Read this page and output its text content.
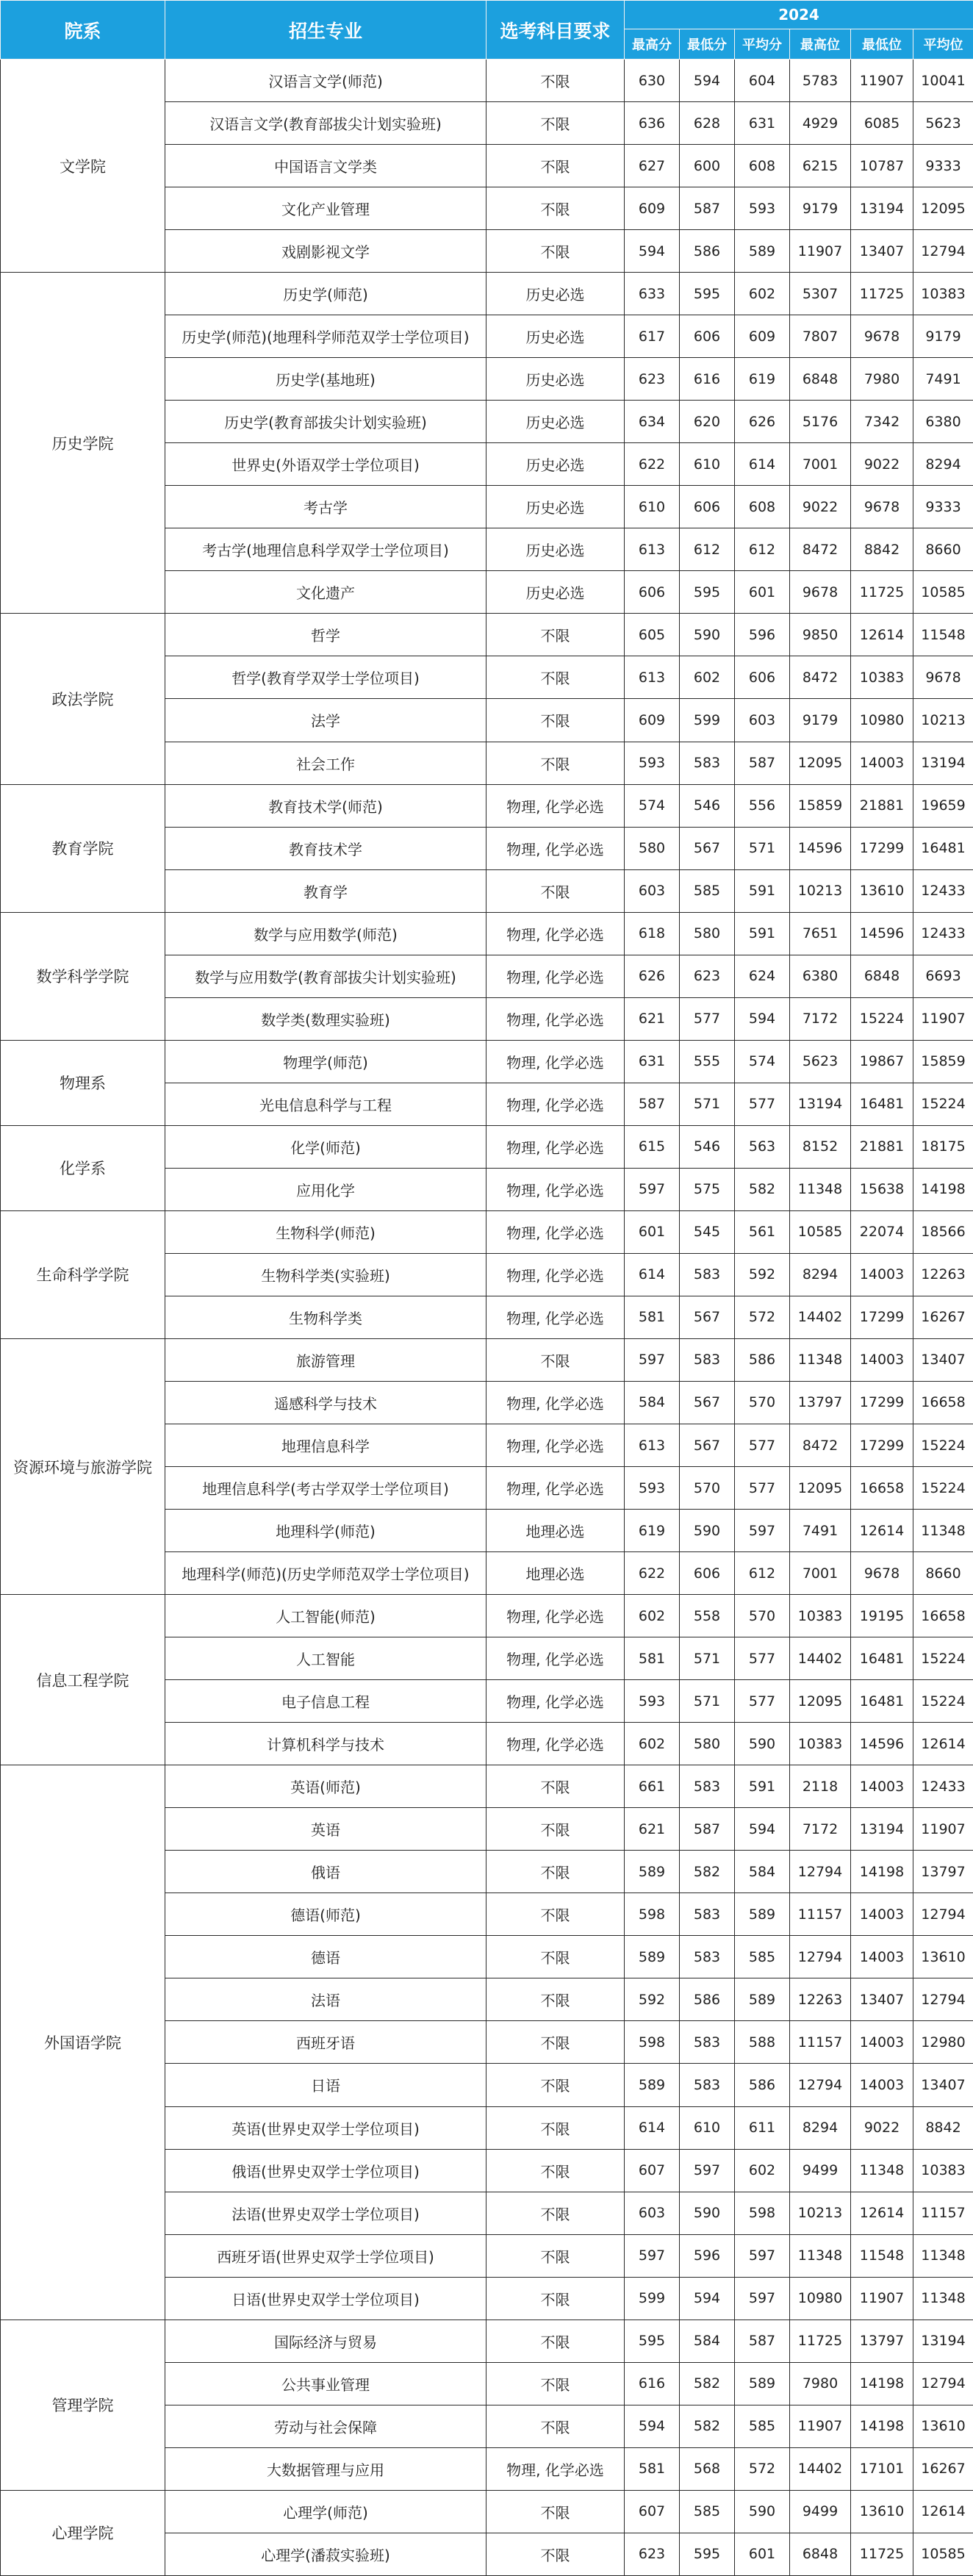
院系	招生专业	选考科目要求	2024					
			最高分	最低分	平均分	最高位	最低位	平均位
文学院	汉语言文学(师范)	不限	630	594	604	5783	11907	10041
	汉语言文学(教育部拔尖计划实验班)	不限	636	628	631	4929	6085	5623
	中国语言文学类	不限	627	600	608	6215	10787	9333
	文化产业管理	不限	609	587	593	9179	13194	12095
	戏剧影视文学	不限	594	586	589	11907	13407	12794
历史学院	历史学(师范)	历史必选	633	595	602	5307	11725	10383
	历史学(师范)(地理科学师范双学士学位项目)	历史必选	617	606	609	7807	9678	9179
	历史学(基地班)	历史必选	623	616	619	6848	7980	7491
	历史学(教育部拔尖计划实验班)	历史必选	634	620	626	5176	7342	6380
	世界史(外语双学士学位项目)	历史必选	622	610	614	7001	9022	8294
	考古学	历史必选	610	606	608	9022	9678	9333
	考古学(地理信息科学双学士学位项目)	历史必选	613	612	612	8472	8842	8660
	文化遗产	历史必选	606	595	601	9678	11725	10585
政法学院	哲学	不限	605	590	596	9850	12614	11548
	哲学(教育学双学士学位项目)	不限	613	602	606	8472	10383	9678
	法学	不限	609	599	603	9179	10980	10213
	社会工作	不限	593	583	587	12095	14003	13194
教育学院	教育技术学(师范)	物理, 化学必选	574	546	556	15859	21881	19659
	教育技术学	物理, 化学必选	580	567	571	14596	17299	16481
	教育学	不限	603	585	591	10213	13610	12433
数学科学学院	数学与应用数学(师范)	物理, 化学必选	618	580	591	7651	14596	12433
	数学与应用数学(教育部拔尖计划实验班)	物理, 化学必选	626	623	624	6380	6848	6693
	数学类(数理实验班)	物理, 化学必选	621	577	594	7172	15224	11907
物理系	物理学(师范)	物理, 化学必选	631	555	574	5623	19867	15859
	光电信息科学与工程	物理, 化学必选	587	571	577	13194	16481	15224
化学系	化学(师范)	物理, 化学必选	615	546	563	8152	21881	18175
	应用化学	物理, 化学必选	597	575	582	11348	15638	14198
生命科学学院	生物科学(师范)	物理, 化学必选	601	545	561	10585	22074	18566
	生物科学类(实验班)	物理, 化学必选	614	583	592	8294	14003	12263
	生物科学类	物理, 化学必选	581	567	572	14402	17299	16267
资源环境与旅游学院	旅游管理	不限	597	583	586	11348	14003	13407
	遥感科学与技术	物理, 化学必选	584	567	570	13797	17299	16658
	地理信息科学	物理, 化学必选	613	567	577	8472	17299	15224
	地理信息科学(考古学双学士学位项目)	物理, 化学必选	593	570	577	12095	16658	15224
	地理科学(师范)	地理必选	619	590	597	7491	12614	11348
	地理科学(师范)(历史学师范双学士学位项目)	地理必选	622	606	612	7001	9678	8660
信息工程学院	人工智能(师范)	物理, 化学必选	602	558	570	10383	19195	16658
	人工智能	物理, 化学必选	581	571	577	14402	16481	15224
	电子信息工程	物理, 化学必选	593	571	577	12095	16481	15224
	计算机科学与技术	物理, 化学必选	602	580	590	10383	14596	12614
外国语学院	英语(师范)	不限	661	583	591	2118	14003	12433
	英语	不限	621	587	594	7172	13194	11907
	俄语	不限	589	582	584	12794	14198	13797
	德语(师范)	不限	598	583	589	11157	14003	12794
	德语	不限	589	583	585	12794	14003	13610
	法语	不限	592	586	589	12263	13407	12794
	西班牙语	不限	598	583	588	11157	14003	12980
	日语	不限	589	583	586	12794	14003	13407
	英语(世界史双学士学位项目)	不限	614	610	611	8294	9022	8842
	俄语(世界史双学士学位项目)	不限	607	597	602	9499	11348	10383
	法语(世界史双学士学位项目)	不限	603	590	598	10213	12614	11157
	西班牙语(世界史双学士学位项目)	不限	597	596	597	11348	11548	11348
	日语(世界史双学士学位项目)	不限	599	594	597	10980	11907	11348
管理学院	国际经济与贸易	不限	595	584	587	11725	13797	13194
	公共事业管理	不限	616	582	589	7980	14198	12794
	劳动与社会保障	不限	594	582	585	11907	14198	13610
	大数据管理与应用	物理, 化学必选	581	568	572	14402	17101	16267
心理学院	心理学(师范)	不限	607	585	590	9499	13610	12614
	心理学(潘菽实验班)	不限	623	595	601	6848	11725	10585
